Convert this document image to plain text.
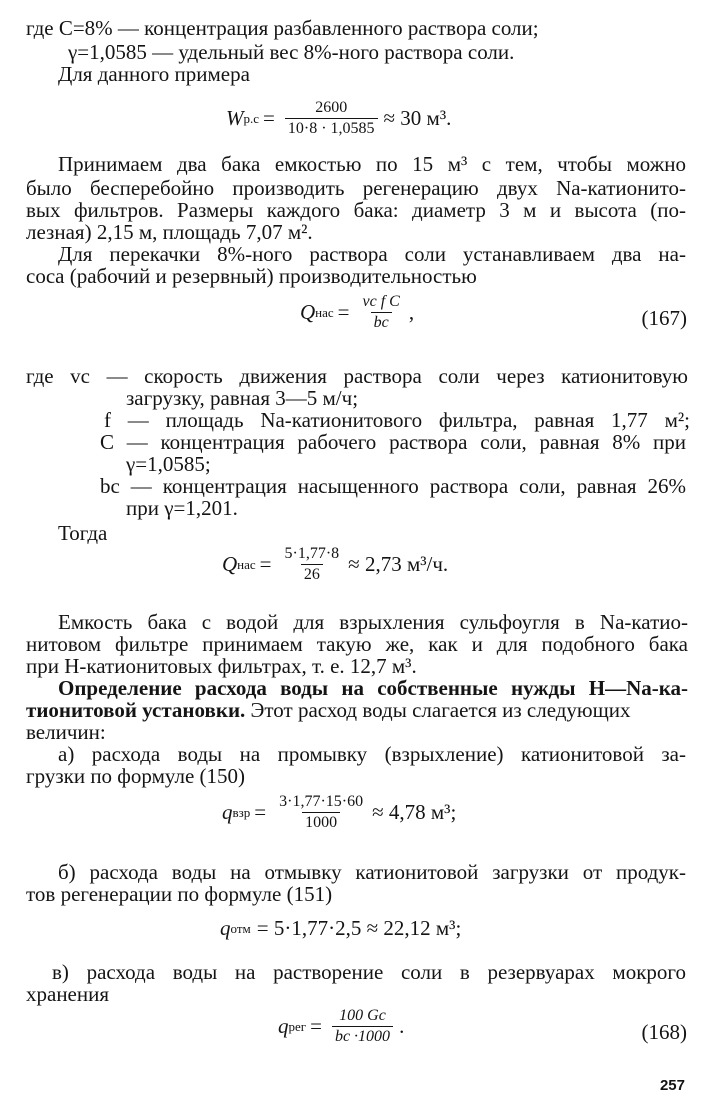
где C=8% — концентрация разбавленного раствора соли;
γ=1,0585 — удельный вес 8%-ного раствора соли.
Для данного примера
W $р.с = \frac{2600}{10\cdot 8 \cdot 1,0585} \approx 30$ м³.
Принимаем два бака емкостью по 15 м³ с тем, чтобы можно
было бесперебойно производить регенерацию двух Na-катионито-
вых фильтров. Размеры каждого бака: диаметр 3 м и высота (по-
лезная) 2,15 м, площадь 7,07 м².
Для перекачки 8%-ного раствора соли устанавливаем два на-
coca (рабочий и резервный) производительностью
Q нас = $\frac{\text{vс f C}}{bс}$ ,	(167)
где vс — скорость движения раствора соли через катионитовую
загрузку, равная 3—5 м/ч;
f — площадь Na-катионитового фильтра, равная 1,77 м²;
C — концентрация рабочего раствора соли, равная 8% при
γ=1,0585;
bс — концентрация насыщенного раствора соли, равная 26%
при γ=1,201.
Тогда
Q нас = $\frac{5\cdot 1,77\cdot 8}{26} \approx 2,73$ м³/ч.
Емкость бака с водой для взрыхления сульфоугля в Na-катио-
нитовом фильтре принимаем такую же, как и для подобного бака
при H-катионитовых фильтрах, т. е. 12,7 м³.
Определение расхода воды на собственные нужды H—Na-ка-
тионитовой установки. Этот расход воды слагается из следующих
величин:
а) расхода воды на промывку (взрыхление) катионитовой за-
грузки по формуле (150)
q взр = $\frac{3\cdot 1,77\cdot 15\cdot 60}{1000} \approx 4,78$ м³;
б) расхода воды на отмывку катионитовой загрузки от продук-
тов регенерации по формуле (151)
q отм = 5·1,77·2,5 ≈ 22,12 м³;
в) расхода воды на растворение соли в резервуарах мокрого
хранения
q рег = $\frac{100 Gс}{bс \cdot 1000}$ .	(168)
257
